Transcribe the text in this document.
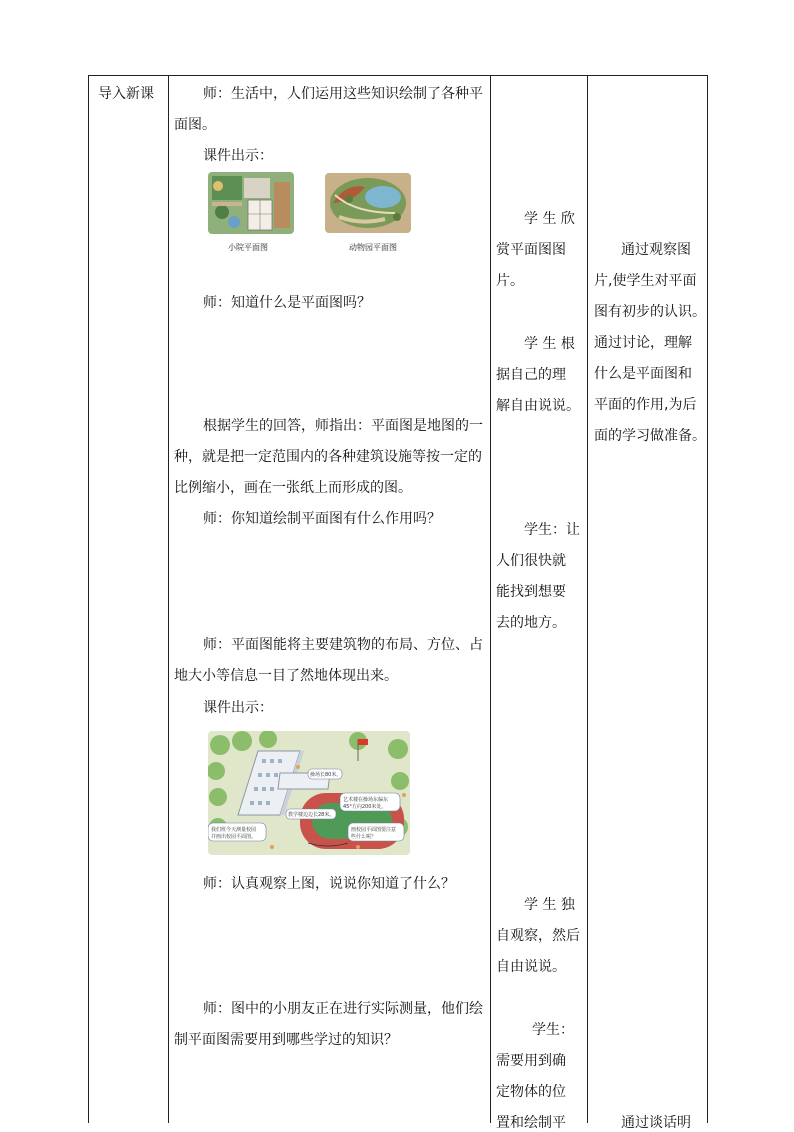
导入新课	师：生活中，人们运用这些知识绘制了各种平
面图。
课件出示：
小院平面图	动物园平面图
师：知道什么是平面图吗？
根据学生的回答，师指出：平面图是地图的一
种，就是把一定范围内的各种建筑设施等按一定的
比例缩小，画在一张纸上而形成的图。
师：你知道绘制平面图有什么作用吗？
师：平面图能将主要建筑物的布局、方位、占
地大小等信息一目了然地体现出来。
课件出示：
操场长80米。
艺术楼在操场东偏东
45°方向200米处。
教学楼边边长28米。
我们班今天测量校园
并画出校园平面图。
画校园平面图要注意
些什么呢？
师：认真观察上图，说说你知道了什么？
师：图中的小朋友正在进行实际测量，他们绘
制平面图需要用到哪些学过的知识？
学 生 欣
赏平面图图
片。
学 生 根
据自己的理
解自由说说。
学生：让
人们很快就
能找到想要
去的地方。
学 生 独
自观察，然后
自由说说。
学生：
需要用到确
定物体的位
置和绘制平
通过观察图
片,使学生对平面
图有初步的认识。
通过讨论，理解
什么是平面图和
平面的作用,为后
面的学习做准备。
通过谈话明
